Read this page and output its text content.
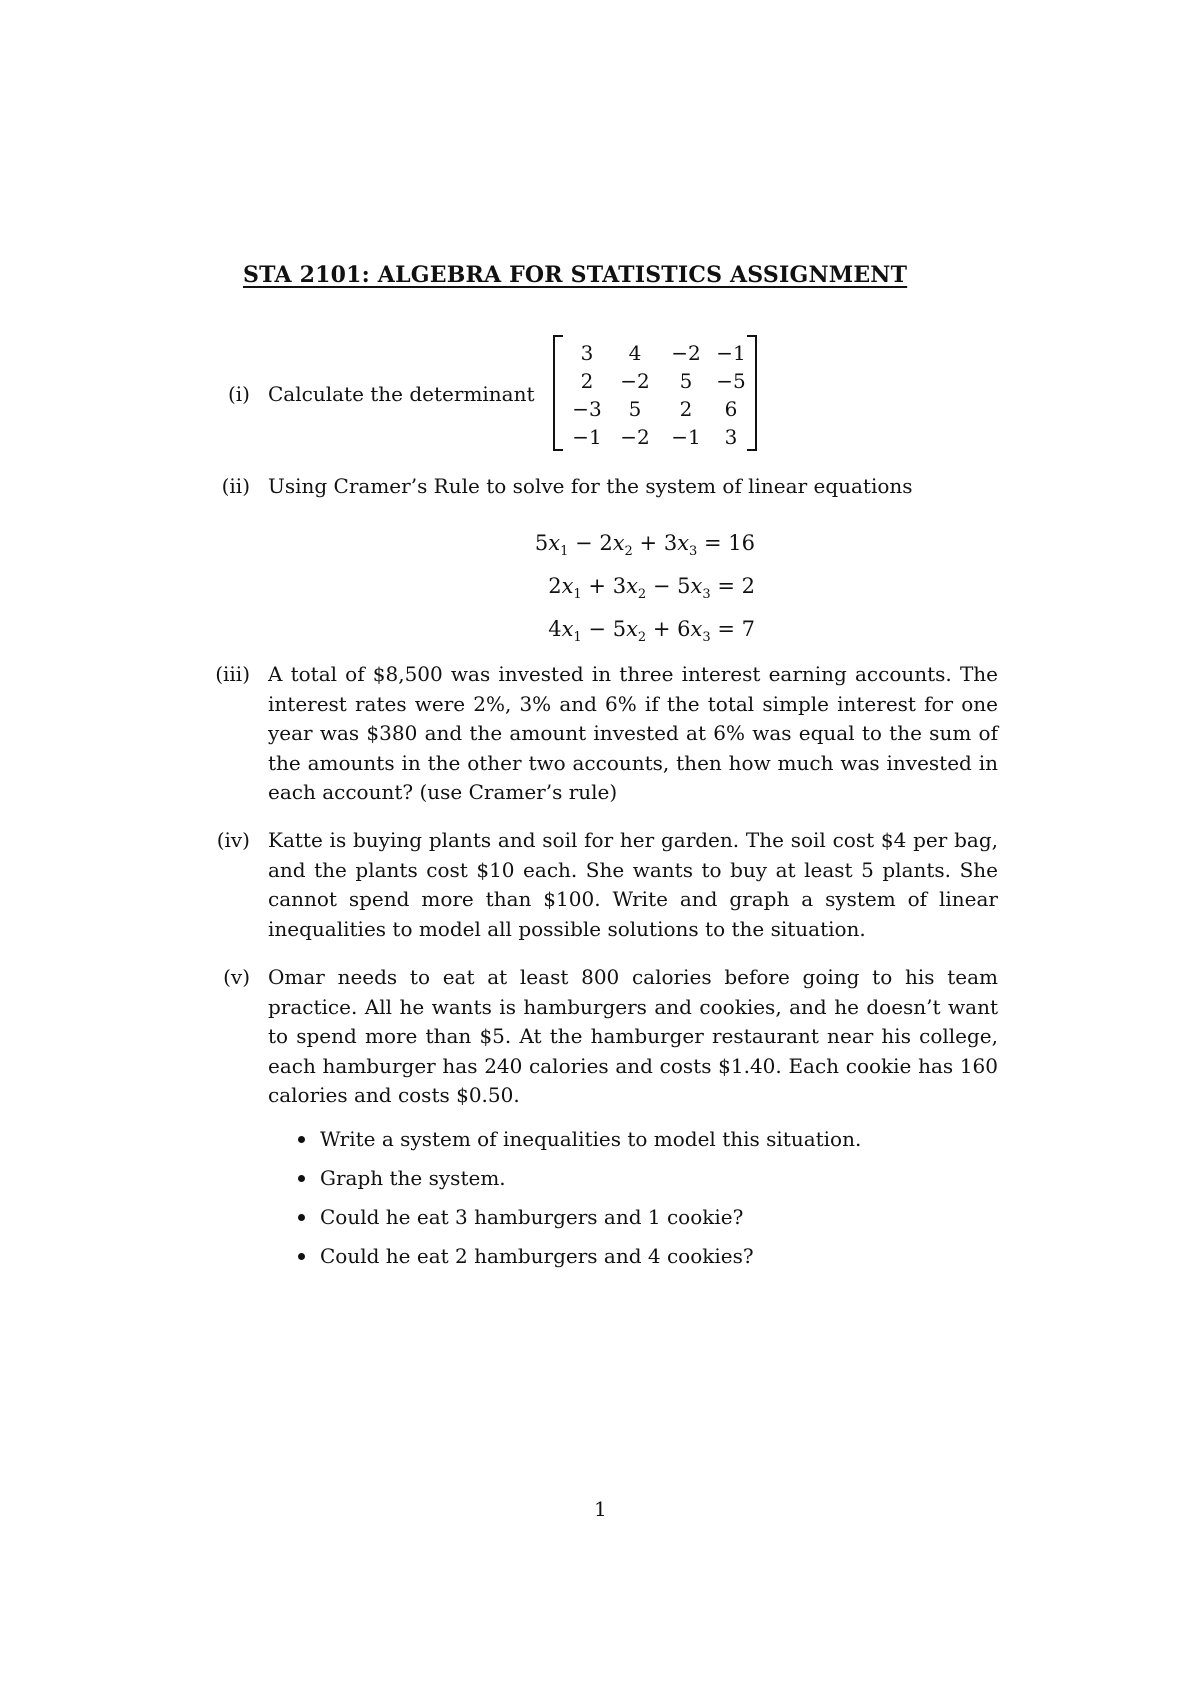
STA 2101: ALGEBRA FOR STATISTICS ASSIGNMENT
(i) Calculate the determinant
3	4	−2 −1
2	−2	5	−5
−3	5	2	6
−1 −2	−1	3
(ii) Using Cramer’s Rule to solve for the system of linear equations
$5x_1 - 2x_2 + 3x_3 = 16$
$2x_1 + 3x_2 - 5x_3 = 2$
$4x_1 - 5x_2 + 6x_3 = 7$
(iii) A total of $8,500 was invested in three interest earning accounts. The interest rates were 2%, 3% and 6% if the total simple interest for one year was $380 and the amount invested at 6% was equal to the sum of the amounts in the other two accounts, then how much was invested in each account? (use Cramer’s rule)
(iv) Katte is buying plants and soil for her garden. The soil cost $4 per bag, and the plants cost $10 each. She wants to buy at least 5 plants. She cannot spend more than $100. Write and graph a system of linear inequalities to model all possible solutions to the situation.
(v) Omar needs to eat at least 800 calories before going to his team practice. All he wants is hamburgers and cookies, and he doesn’t want to spend more than $5. At the hamburger restaurant near his college, each hamburger has 240 calories and costs $1.40. Each cookie has 160 calories and costs $0.50.
Write a system of inequalities to model this situation.
Graph the system.
Could he eat 3 hamburgers and 1 cookie?
Could he eat 2 hamburgers and 4 cookies?
1
